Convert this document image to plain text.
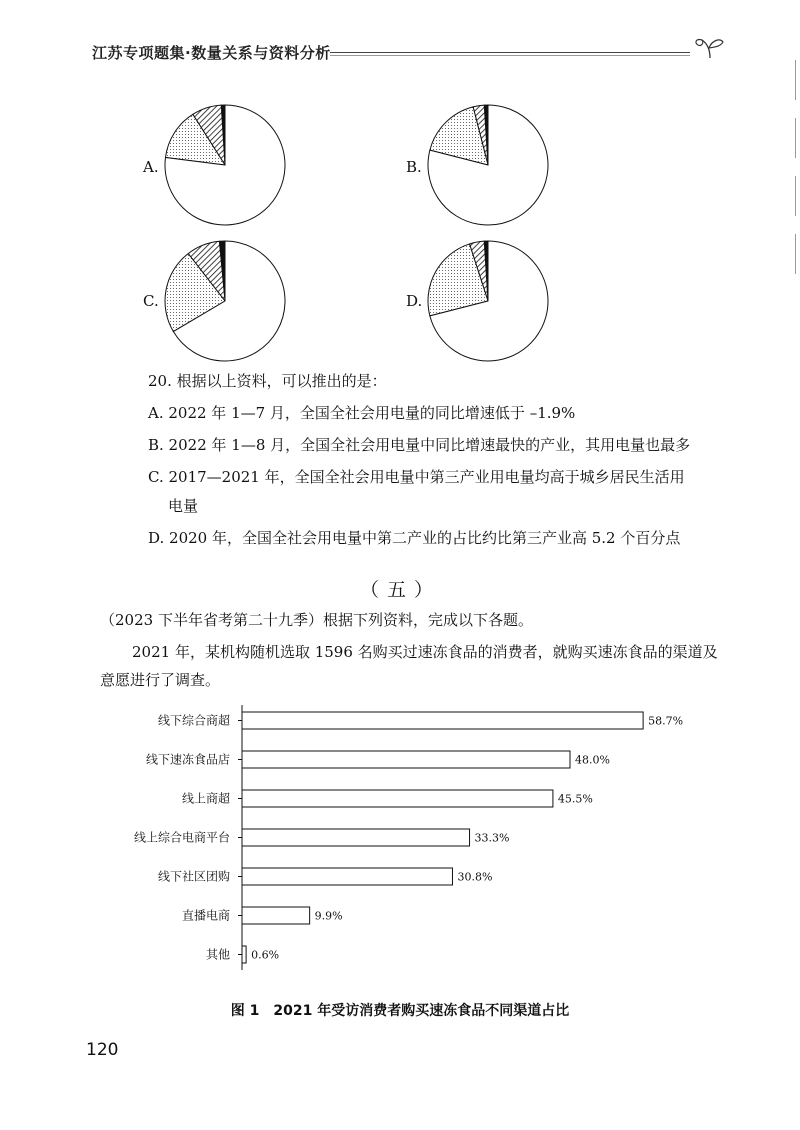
江苏专项题集·数量关系与资料分析
A.	B.
C.	D.
20. 根据以上资料，可以推出的是：
A. 2022 年 1—7 月，全国全社会用电量的同比增速低于 –1.9%
B. 2022 年 1—8 月，全国全社会用电量中同比增速最快的产业，其用电量也最多
C. 2017—2021 年，全国全社会用电量中第三产业用电量均高于城乡居民生活用
电量
D. 2020 年，全国全社会用电量中第二产业的占比约比第三产业高 5.2 个百分点
（五）
（2023 下半年省考第二十九季）根据下列资料，完成以下各题。
2021 年，某机构随机选取 1596 名购买过速冻食品的消费者，就购买速冻食品的渠道及意愿进行了调查。
线下综合商超	58.7%
线下速冻食品店	48.0%
线上商超	45.5%
线上综合电商平台	33.3%
线下社区团购	30.8%
直播电商	9.9%
其他 0.6%
图 1　2021 年受访消费者购买速冻食品不同渠道占比
120
